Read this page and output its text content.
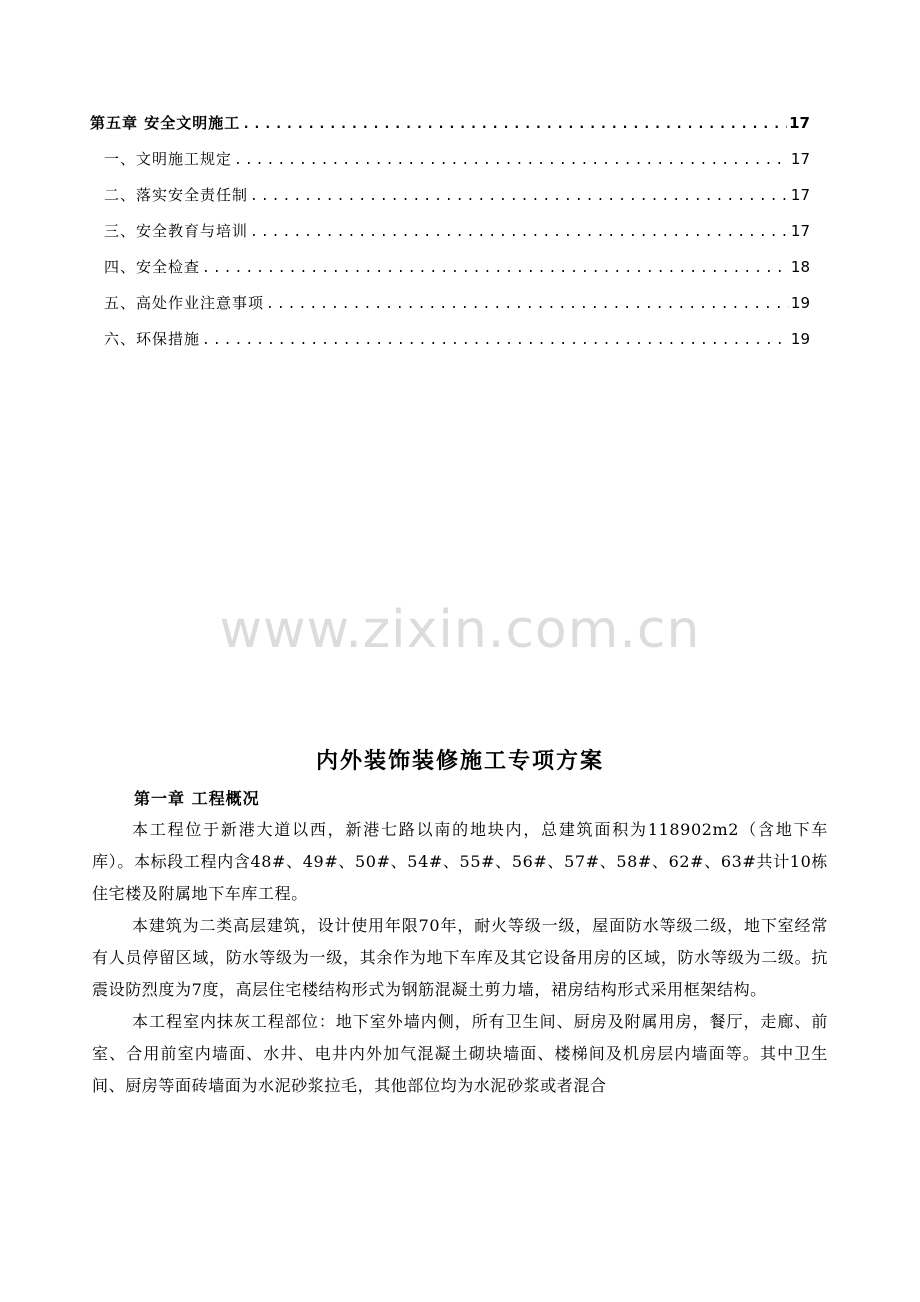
第五章 安全文明施工 .....	17
一、文明施工规定 .....	17
二、落实安全责任制 .....	17
三、安全教育与培训 .....	17
四、安全检查 .....	18
五、高处作业注意事项 .....	19
六、环保措施 .....	19
www.zixin.com.cn
内外装饰装修施工专项方案
第一章 工程概况

本工程位于新港大道以西，新港七路以南的地块内，总建筑面积为118902m2（含地下车库）。本标段工程内含48#、49#、50#、54#、55#、56#、57#、58#、62#、63#共计10栋住宅楼及附属地下车库工程。

本建筑为二类高层建筑，设计使用年限70年，耐火等级一级，屋面防水等级二级，地下室经常有人员停留区域，防水等级为一级，其余作为地下车库及其它设备用房的区域，防水等级为二级。抗震设防烈度为7度，高层住宅楼结构形式为钢筋混凝土剪力墙，裙房结构形式采用框架结构。

本工程室内抹灰工程部位：地下室外墙内侧，所有卫生间、厨房及附属用房，餐厅，走廊、前室、合用前室内墙面、水井、电井内外加气混凝土砌块墙面、楼梯间及机房层内墙面等。其中卫生间、厨房等面砖墙面为水泥砂浆拉毛，其他部位均为水泥砂浆或者混合
